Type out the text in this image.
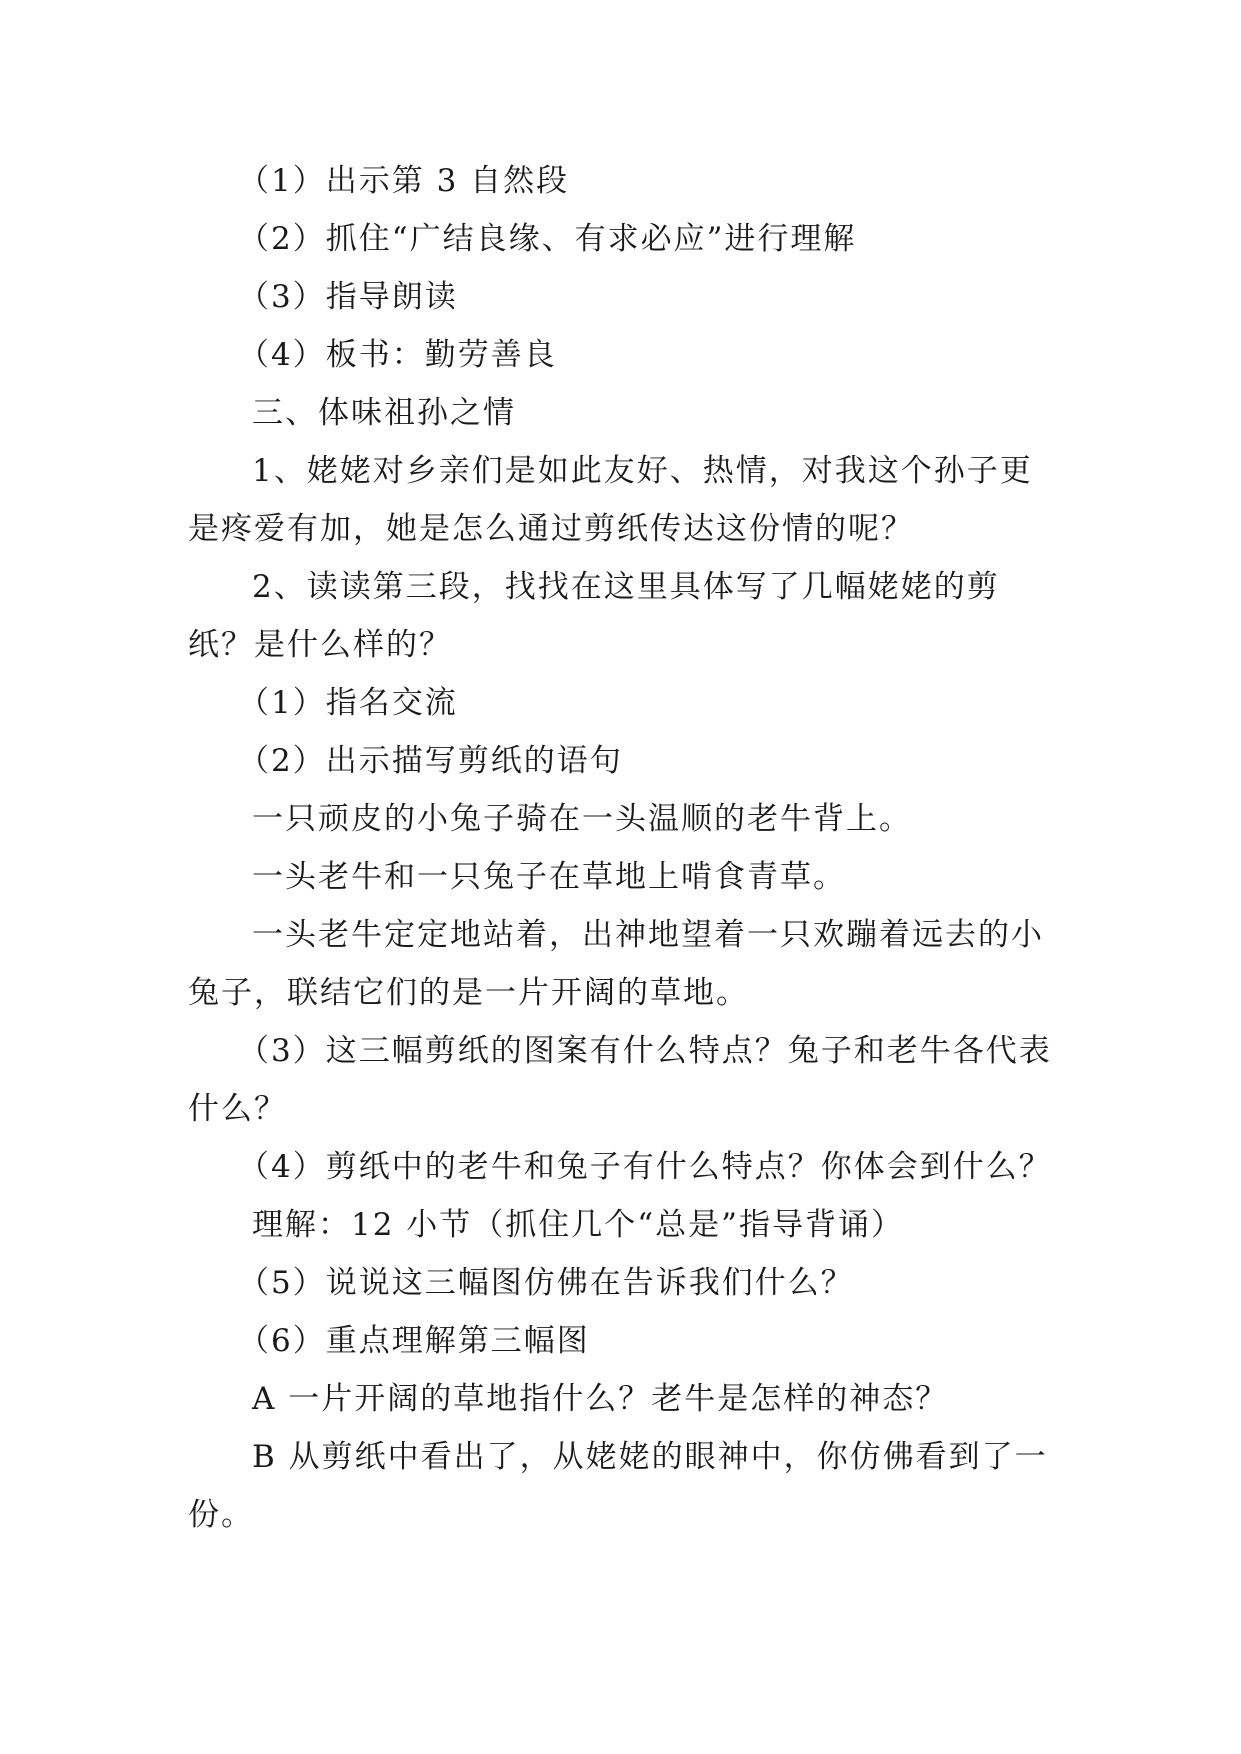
（1）出示第 3 自然段

（2）抓住“广结良缘、有求必应”进行理解

（3）指导朗读

（4）板书：勤劳善良

三、体味祖孙之情

1、姥姥对乡亲们是如此友好、热情，对我这个孙子更是疼爱有加，她是怎么通过剪纸传达这份情的呢？

2、读读第三段，找找在这里具体写了几幅姥姥的剪纸？是什么样的？

（1）指名交流

（2）出示描写剪纸的语句

一只顽皮的小兔子骑在一头温顺的老牛背上。

一头老牛和一只兔子在草地上啃食青草。

一头老牛定定地站着，出神地望着一只欢蹦着远去的小兔子，联结它们的是一片开阔的草地。

（3）这三幅剪纸的图案有什么特点？兔子和老牛各代表什么？

（4）剪纸中的老牛和兔子有什么特点？你体会到什么？

理解：12 小节（抓住几个“总是”指导背诵）

（5）说说这三幅图仿佛在告诉我们什么？

（6）重点理解第三幅图

A 一片开阔的草地指什么？老牛是怎样的神态？

B 从剪纸中看出了，从姥姥的眼神中，你仿佛看到了一份。
